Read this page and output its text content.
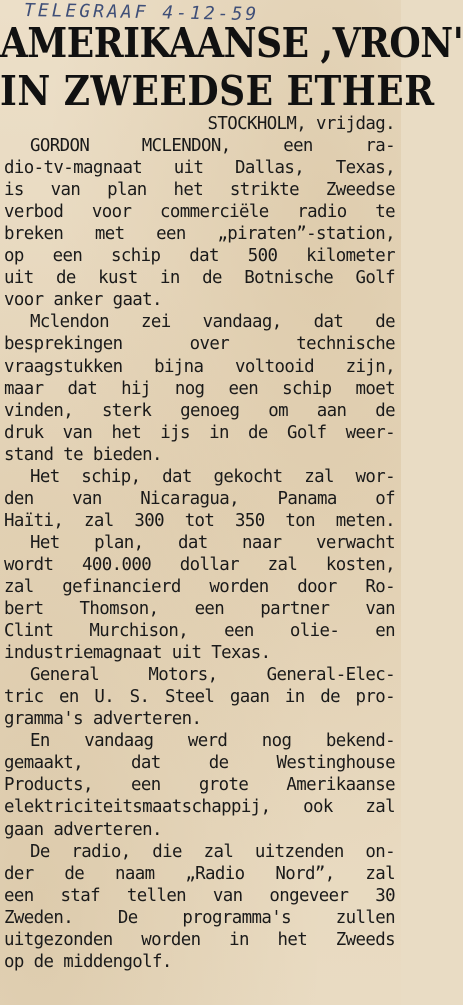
TELEGRAAF 4-12-59
AMERIKAANSE ,VRON'
IN ZWEEDSE ETHER
STOCKHOLM, vrijdag.
GORDON MCLENDON, een ra-
dio-tv-magnaat uit Dallas, Texas,
is van plan het strikte Zweedse
verbod voor commerciële radio te
breken met een „piraten”-station,
op een schip dat 500 kilometer
uit de kust in de Botnische Golf
voor anker gaat.
Mclendon zei vandaag, dat de
besprekingen over technische
vraagstukken bijna voltooid zijn,
maar dat hij nog een schip moet
vinden, sterk genoeg om aan de
druk van het ijs in de Golf weer-
stand te bieden.
Het schip, dat gekocht zal wor-
den van Nicaragua, Panama of
Haïti, zal 300 tot 350 ton meten.
Het plan, dat naar verwacht
wordt 400.000 dollar zal kosten,
zal gefinancierd worden door Ro-
bert Thomson, een partner van
Clint Murchison, een olie- en
industriemagnaat uit Texas.
General Motors, General-Elec-
tric en U. S. Steel gaan in de pro-
gramma's adverteren.
En vandaag werd nog bekend-
gemaakt, dat de Westinghouse
Products, een grote Amerikaanse
elektriciteitsmaatschappij, ook zal
gaan adverteren.
De radio, die zal uitzenden on-
der de naam „Radio Nord”, zal
een staf tellen van ongeveer 30
Zweden. De programma's zullen
uitgezonden worden in het Zweeds
op de middengolf.
